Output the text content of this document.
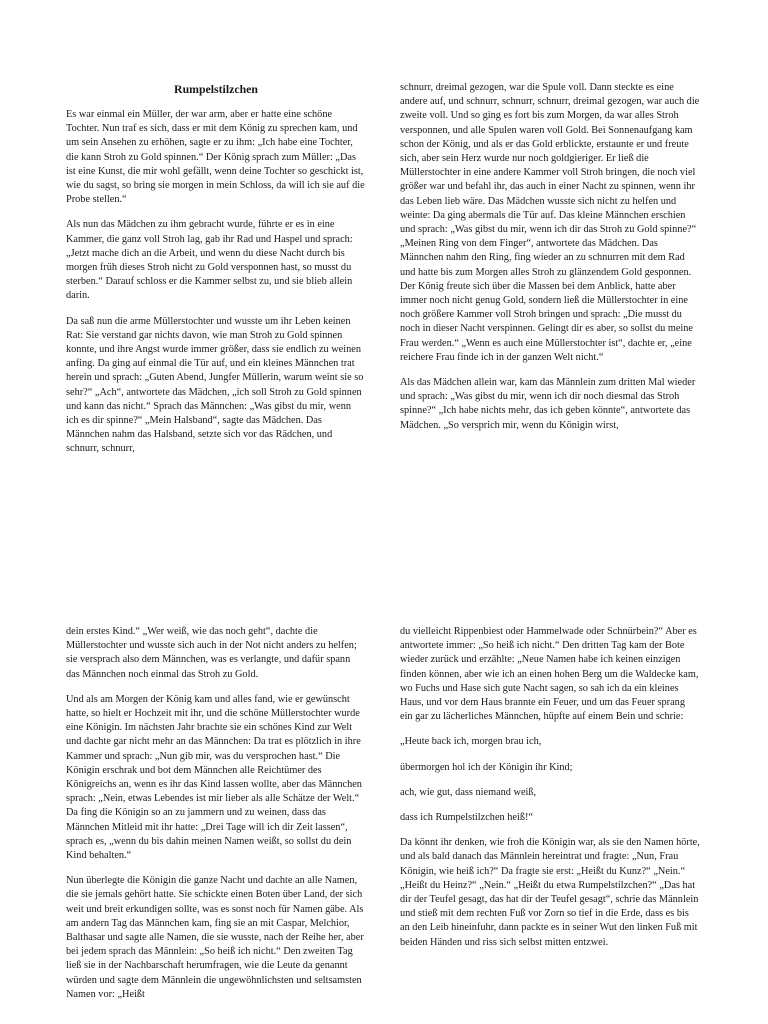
Rumpelstilzchen

Es war einmal ein Müller, der war arm, aber er hatte eine schöne Tochter. Nun traf es sich, dass er mit dem König zu sprechen kam, und um sein Ansehen zu erhöhen, sagte er zu ihm: „Ich habe eine Tochter, die kann Stroh zu Gold spinnen.“ Der König sprach zum Müller: „Das ist eine Kunst, die mir wohl gefällt, wenn deine Tochter so geschickt ist, wie du sagst, so bring sie morgen in mein Schloss, da will ich sie auf die Probe stellen.“

Als nun das Mädchen zu ihm gebracht wurde, führte er es in eine Kammer, die ganz voll Stroh lag, gab ihr Rad und Haspel und sprach: „Jetzt mache dich an die Arbeit, und wenn du diese Nacht durch bis morgen früh dieses Stroh nicht zu Gold versponnen hast, so musst du sterben.“ Darauf schloss er die Kammer selbst zu, und sie blieb allein darin.

Da saß nun die arme Müllerstochter und wusste um ihr Leben keinen Rat: Sie verstand gar nichts davon, wie man Stroh zu Gold spinnen konnte, und ihre Angst wurde immer größer, dass sie endlich zu weinen anfing. Da ging auf einmal die Tür auf, und ein kleines Männchen trat herein und sprach: „Guten Abend, Jungfer Müllerin, warum weint sie so sehr?“ „Ach“, antwortete das Mädchen, „ich soll Stroh zu Gold spinnen und kann das nicht.“ Sprach das Männchen: „Was gibst du mir, wenn ich es dir spinne?“ „Mein Halsband“, sagte das Mädchen. Das Männchen nahm das Halsband, setzte sich vor das Rädchen, und schnurr, schnurr,

schnurr, dreimal gezogen, war die Spule voll. Dann steckte es eine andere auf, und schnurr, schnurr, schnurr, dreimal gezogen, war auch die zweite voll. Und so ging es fort bis zum Morgen, da war alles Stroh versponnen, und alle Spulen waren voll Gold. Bei Sonnenaufgang kam schon der König, und als er das Gold erblickte, erstaunte er und freute sich, aber sein Herz wurde nur noch goldgieriger. Er ließ die Müllerstochter in eine andere Kammer voll Stroh bringen, die noch viel größer war und befahl ihr, das auch in einer Nacht zu spinnen, wenn ihr das Leben lieb wäre. Das Mädchen wusste sich nicht zu helfen und weinte: Da ging abermals die Tür auf. Das kleine Männchen erschien und sprach: „Was gibst du mir, wenn ich dir das Stroh zu Gold spinne?“ „Meinen Ring von dem Finger“, antwortete das Mädchen. Das Männchen nahm den Ring, fing wieder an zu schnurren mit dem Rad und hatte bis zum Morgen alles Stroh zu glänzendem Gold gesponnen. Der König freute sich über die Massen bei dem Anblick, hatte aber immer noch nicht genug Gold, sondern ließ die Müllerstochter in eine noch größere Kammer voll Stroh bringen und sprach: „Die musst du noch in dieser Nacht verspinnen. Gelingt dir es aber, so sollst du meine Frau werden.“ „Wenn es auch eine Müllerstochter ist“, dachte er, „eine reichere Frau finde ich in der ganzen Welt nicht.“

Als das Mädchen allein war, kam das Männlein zum dritten Mal wieder und sprach: „Was gibst du mir, wenn ich dir noch diesmal das Stroh spinne?“ „Ich habe nichts mehr, das ich geben könnte“, antwortete das Mädchen. „So versprich mir, wenn du Königin wirst,

dein erstes Kind.“ „Wer weiß, wie das noch geht“, dachte die Müllerstochter und wusste sich auch in der Not nicht anders zu helfen; sie versprach also dem Männchen, was es verlangte, und dafür spann das Männchen noch einmal das Stroh zu Gold.

Und als am Morgen der König kam und alles fand, wie er gewünscht hatte, so hielt er Hochzeit mit ihr, und die schöne Müllerstochter wurde eine Königin. Im nächsten Jahr brachte sie ein schönes Kind zur Welt und dachte gar nicht mehr an das Männchen: Da trat es plötzlich in ihre Kammer und sprach: „Nun gib mir, was du versprochen hast.“ Die Königin erschrak und bot dem Männchen alle Reichtümer des Königreichs an, wenn es ihr das Kind lassen wollte, aber das Männchen sprach: „Nein, etwas Lebendes ist mir lieber als alle Schätze der Welt.“ Da fing die Königin so an zu jammern und zu weinen, dass das Männchen Mitleid mit ihr hatte: „Drei Tage will ich dir Zeit lassen“, sprach es, „wenn du bis dahin meinen Namen weißt, so sollst du dein Kind behalten.“

Nun überlegte die Königin die ganze Nacht und dachte an alle Namen, die sie jemals gehört hatte. Sie schickte einen Boten über Land, der sich weit und breit erkundigen sollte, was es sonst noch für Namen gäbe. Als am andern Tag das Männchen kam, fing sie an mit Caspar, Melchior, Balthasar und sagte alle Namen, die sie wusste, nach der Reihe her, aber bei jedem sprach das Männlein: „So heiß ich nicht.“ Den zweiten Tag ließ sie in der Nachbarschaft herumfragen, wie die Leute da genannt würden und sagte dem Männlein die ungewöhnlichsten und seltsamsten Namen vor: „Heißt

du vielleicht Rippenbiest oder Hammelwade oder Schnürbein?“ Aber es antwortete immer: „So heiß ich nicht.“ Den dritten Tag kam der Bote wieder zurück und erzählte: „Neue Namen habe ich keinen einzigen finden können, aber wie ich an einen hohen Berg um die Waldecke kam, wo Fuchs und Hase sich gute Nacht sagen, so sah ich da ein kleines Haus, und vor dem Haus brannte ein Feuer, und um das Feuer sprang ein gar zu lächerliches Männchen, hüpfte auf einem Bein und schrie:

„Heute back ich, morgen brau ich,

übermorgen hol ich der Königin ihr Kind;

ach, wie gut, dass niemand weiß,

dass ich Rumpelstilzchen heiß!“

Da könnt ihr denken, wie froh die Königin war, als sie den Namen hörte, und als bald danach das Männlein hereintrat und fragte: „Nun, Frau Königin, wie heiß ich?“ Da fragte sie erst: „Heißt du Kunz?“ „Nein.“ „Heißt du Heinz?“ „Nein.“ „Heißt du etwa Rumpelstilzchen?“ „Das hat dir der Teufel gesagt, das hat dir der Teufel gesagt“, schrie das Männlein und stieß mit dem rechten Fuß vor Zorn so tief in die Erde, dass es bis an den Leib hineinfuhr, dann packte es in seiner Wut den linken Fuß mit beiden Händen und riss sich selbst mitten entzwei.
